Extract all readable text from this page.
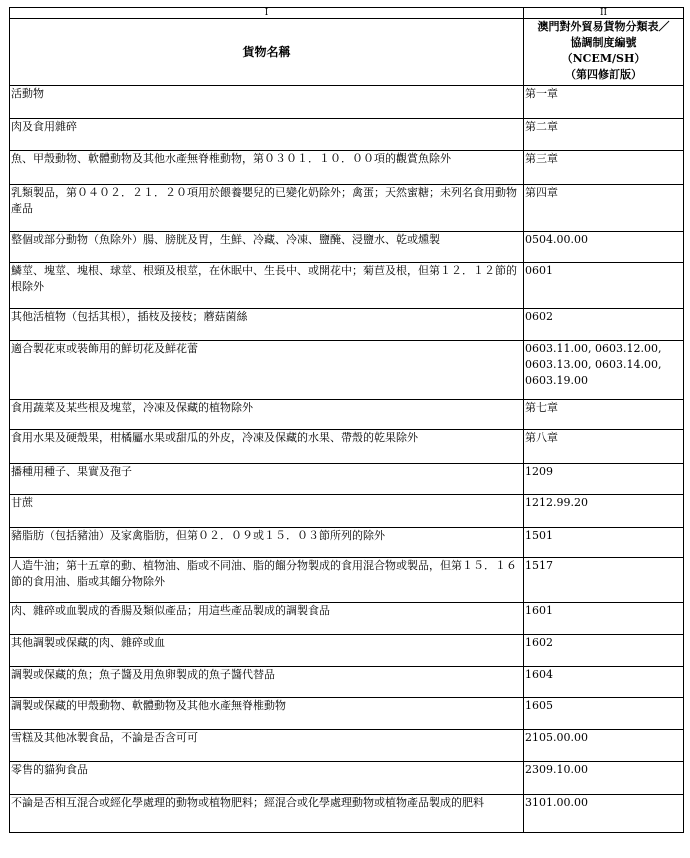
I	II
貨物名稱	澳門對外貿易貨物分類表／
協調制度編號
（NCEM/SH）
（第四修訂版）

活動物	第一章
肉及食用雜碎	第二章
魚、甲殼動物、軟體動物及其他水產無脊椎動物，第０３０１．１０．００項的觀賞魚除外	第三章
乳類製品，第０４０２．２１．２０項用於餵養嬰兒的已變化奶除外；禽蛋；天然蜜糖；未列名食用動物產品	第四章
整個或部分動物（魚除外）腸、膀胱及胃，生鮮、冷藏、冷凍、鹽醃、浸鹽水、乾或燻製	0504.00.00
鱗莖、塊莖、塊根、球莖、根頸及根莖，在休眠中、生長中、或開花中；菊苣及根，但第１２．１２節的根除外	0601
其他活植物（包括其根），插枝及接枝；蘑菇菌絲	0602
適合製花束或裝飾用的鮮切花及鮮花蕾	0603.11.00, 0603.12.00, 0603.13.00, 0603.14.00, 0603.19.00
食用蔬菜及某些根及塊莖，冷凍及保藏的植物除外	第七章
食用水果及硬殼果，柑橘屬水果或甜瓜的外皮，冷凍及保藏的水果、帶殼的乾果除外	第八章
播種用種子、果實及孢子	1209
甘蔗	1212.99.20
豬脂肪（包括豬油）及家禽脂肪，但第０２．０９或１５．０３節所列的除外	1501
人造牛油；第十五章的動、植物油、脂或不同油、脂的餾分物製成的食用混合物或製品，但第１５．１６節的食用油、脂或其餾分物除外	1517
肉、雜碎或血製成的香腸及類似產品；用這些產品製成的調製食品	1601
其他調製或保藏的肉、雜碎或血	1602
調製或保藏的魚；魚子醬及用魚卵製成的魚子醬代替品	1604
調製或保藏的甲殼動物、軟體動物及其他水產無脊椎動物	1605
雪糕及其他冰製食品，不論是否含可可	2105.00.00
零售的貓狗食品	2309.10.00
不論是否相互混合或經化學處理的動物或植物肥料；經混合或化學處理動物或植物產品製成的肥料	3101.00.00
